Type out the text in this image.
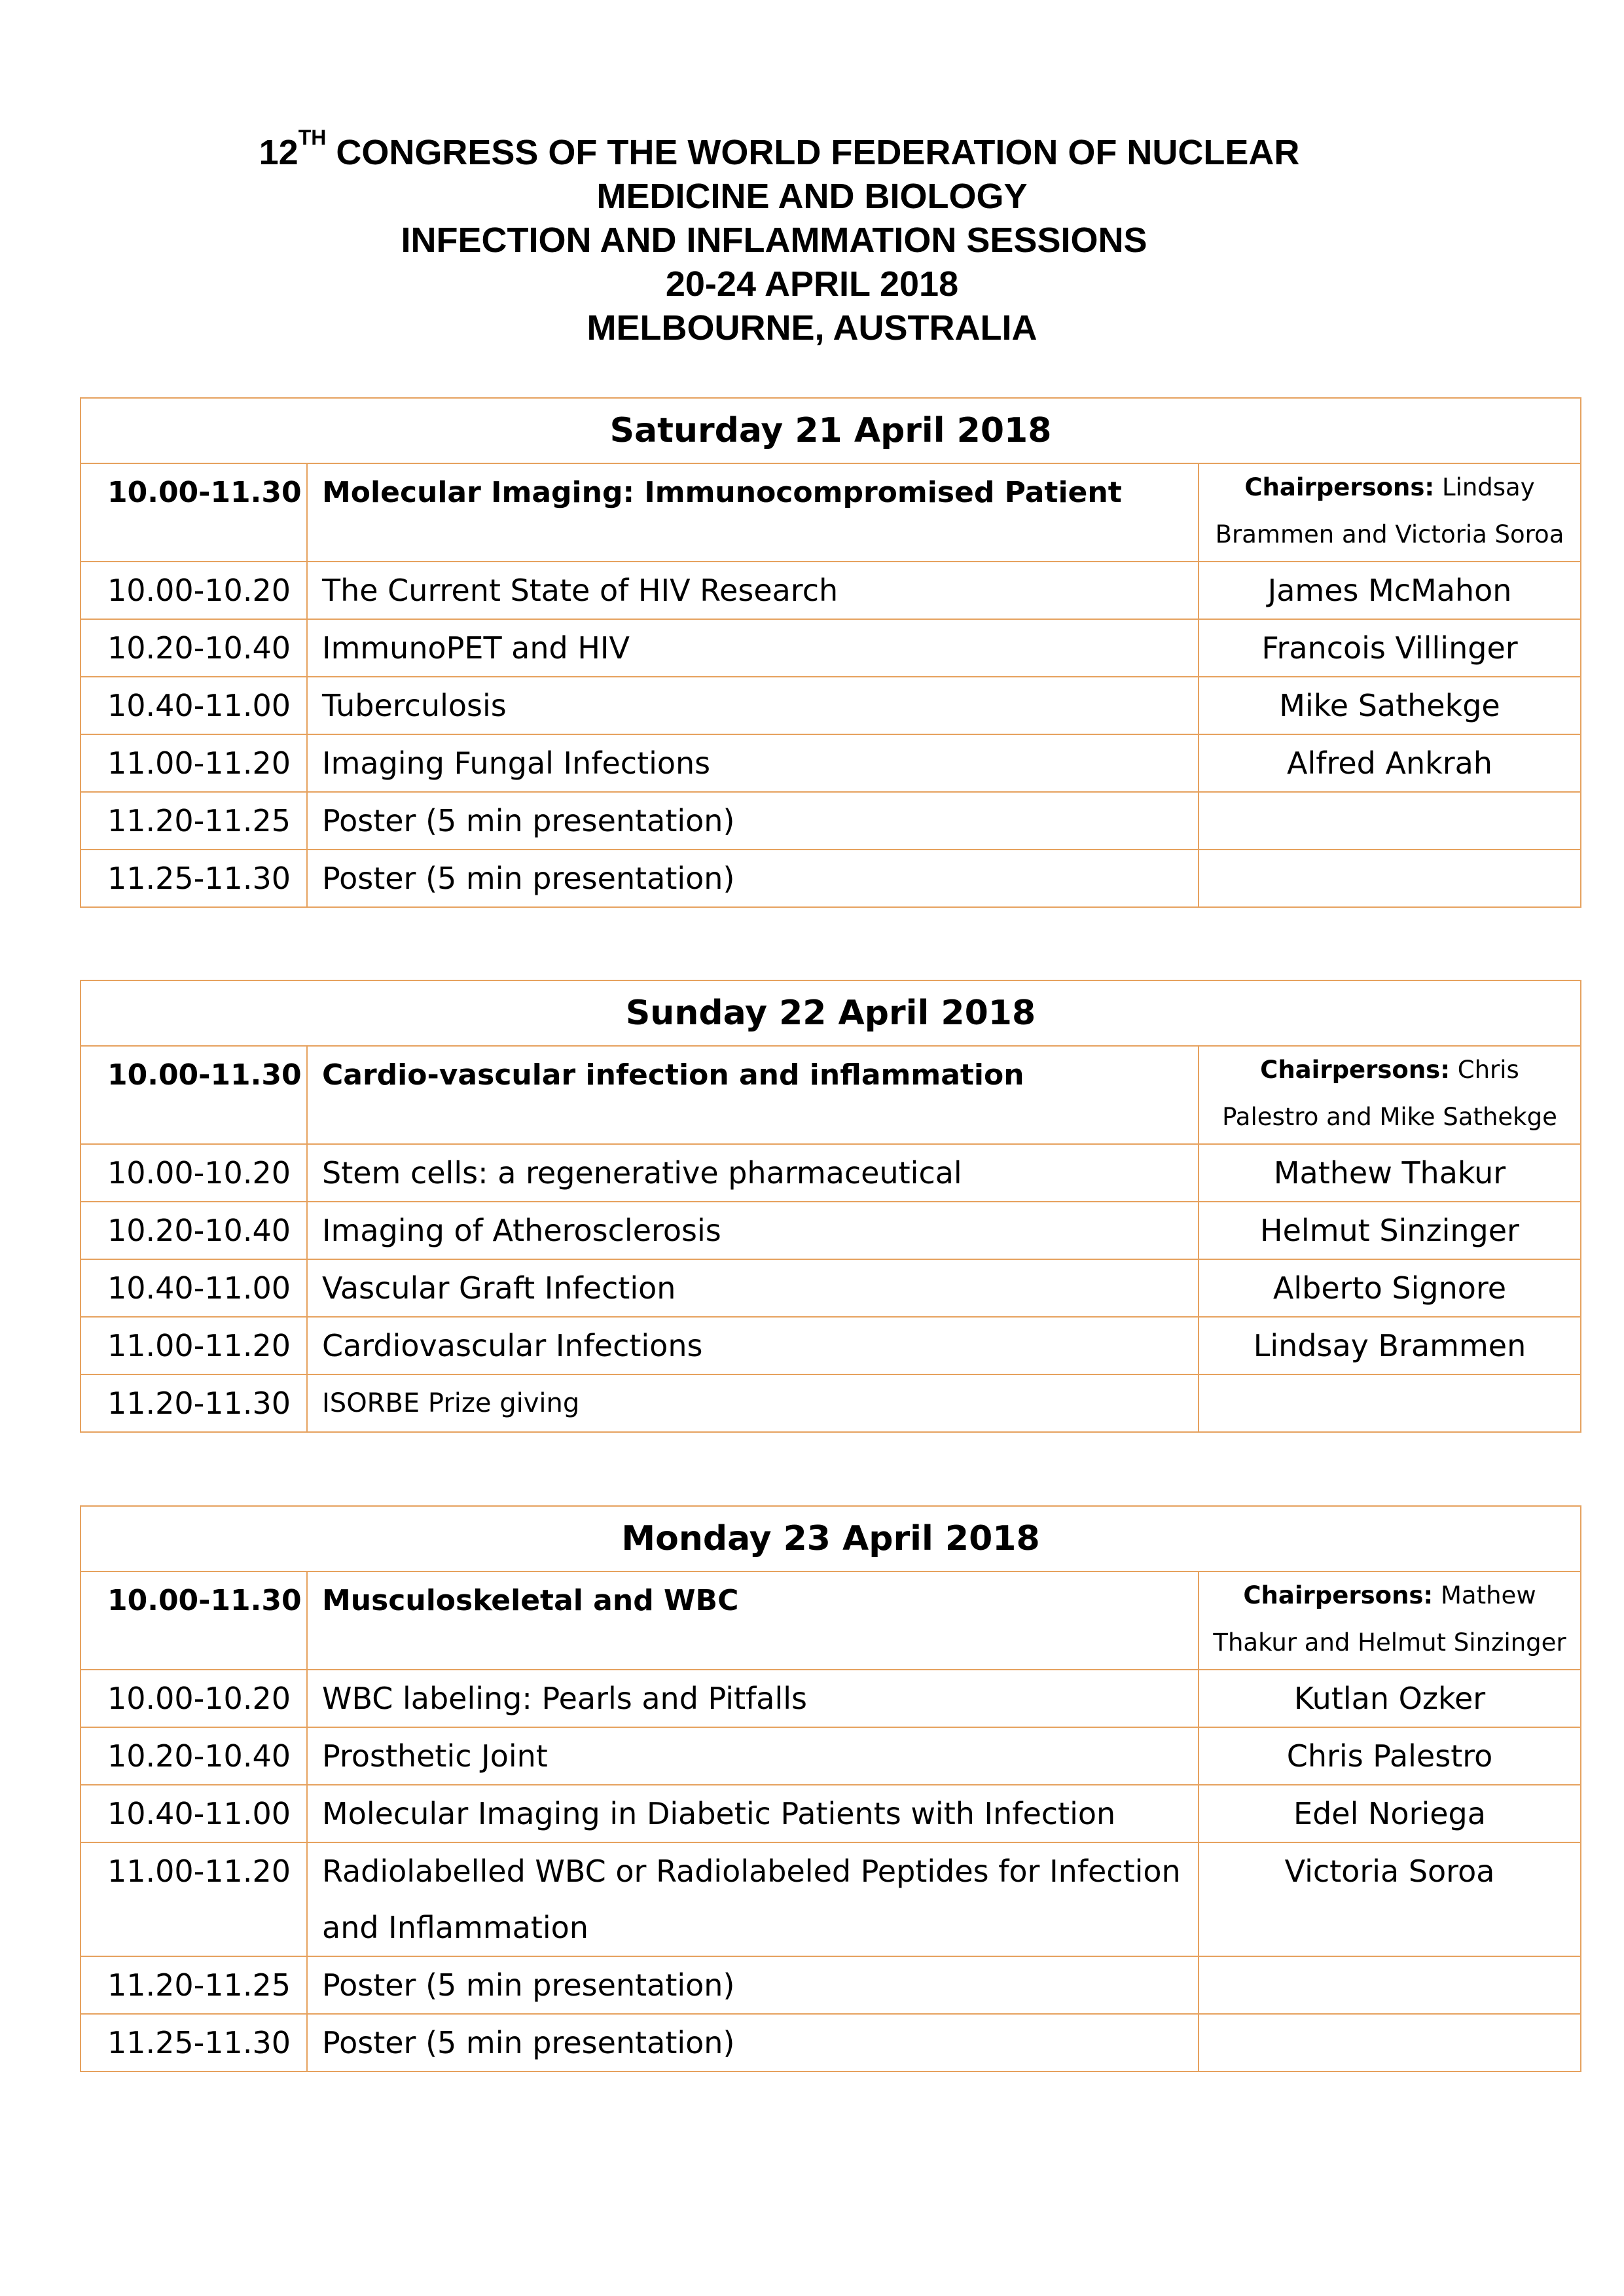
12TH CONGRESS OF THE WORLD FEDERATION OF NUCLEAR
MEDICINE AND BIOLOGY
INFECTION AND INFLAMMATION SESSIONS
20-24 APRIL 2018
MELBOURNE, AUSTRALIA
Saturday 21 April 2018		
10.00-11.30	Molecular Imaging: Immunocompromised Patient	Chairpersons: Lindsay
Brammen and Victoria Soroa
10.00-10.20	The Current State of HIV Research	James McMahon
10.20-10.40	ImmunoPET and HIV	Francois Villinger
10.40-11.00	Tuberculosis	Mike Sathekge
11.00-11.20	Imaging Fungal Infections	Alfred Ankrah
11.20-11.25	Poster (5 min presentation)	
11.25-11.30	Poster (5 min presentation)	
Sunday 22 April 2018		
10.00-11.30	Cardio-vascular infection and inflammation	Chairpersons: Chris
Palestro and Mike Sathekge
10.00-10.20	Stem cells: a regenerative pharmaceutical	Mathew Thakur
10.20-10.40	Imaging of Atherosclerosis	Helmut Sinzinger
10.40-11.00	Vascular Graft Infection	Alberto Signore
11.00-11.20	Cardiovascular Infections	Lindsay Brammen
11.20-11.30	ISORBE Prize giving	
Monday 23 April 2018		
10.00-11.30	Musculoskeletal and WBC	Chairpersons: Mathew
Thakur and Helmut Sinzinger
10.00-10.20	WBC labeling: Pearls and Pitfalls	Kutlan Ozker
10.20-10.40	Prosthetic Joint	Chris Palestro
10.40-11.00	Molecular Imaging in Diabetic Patients with Infection	Edel Noriega
11.00-11.20	Radiolabelled WBC or Radiolabeled Peptides for Infection
and Inflammation	Victoria Soroa
11.20-11.25	Poster (5 min presentation)	
11.25-11.30	Poster (5 min presentation)	
